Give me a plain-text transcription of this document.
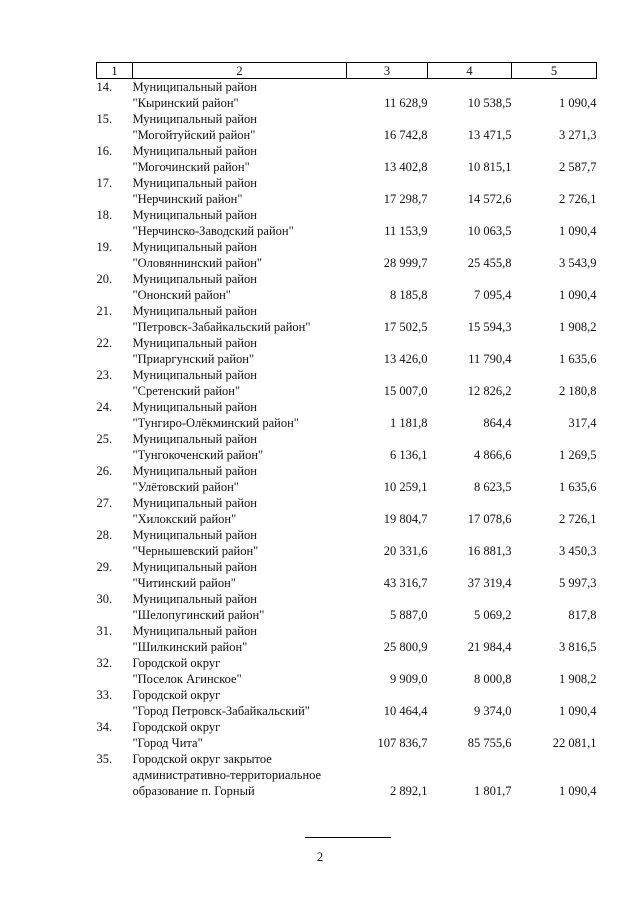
1	2	3	4	5
14.	Муниципальный район
"Кыринский район"	11 628,9	10 538,5	1 090,4
15.	Муниципальный район
"Могойтуйский район"	16 742,8	13 471,5	3 271,3
16.	Муниципальный район
"Могочинский район"	13 402,8	10 815,1	2 587,7
17.	Муниципальный район
"Нерчинский район"	17 298,7	14 572,6	2 726,1
18.	Муниципальный район
"Нерчинско-Заводский район"	11 153,9	10 063,5	1 090,4
19.	Муниципальный район
"Оловяннинский район"	28 999,7	25 455,8	3 543,9
20.	Муниципальный район
"Ононский район"	8 185,8	7 095,4	1 090,4
21.	Муниципальный район
"Петровск-Забайкальский район"	17 502,5	15 594,3	1 908,2
22.	Муниципальный район
"Приаргунский район"	13 426,0	11 790,4	1 635,6
23.	Муниципальный район
"Сретенский район"	15 007,0	12 826,2	2 180,8
24.	Муниципальный район
"Тунгиро-Олёкминский район"	1 181,8	864,4	317,4
25.	Муниципальный район
"Тунгокоченский район"	6 136,1	4 866,6	1 269,5
26.	Муниципальный район
"Улётовский район"	10 259,1	8 623,5	1 635,6
27.	Муниципальный район
"Хилокский район"	19 804,7	17 078,6	2 726,1
28.	Муниципальный район
"Чернышевский район"	20 331,6	16 881,3	3 450,3
29.	Муниципальный район
"Читинский район"	43 316,7	37 319,4	5 997,3
30.	Муниципальный район
"Шелопугинский район"	5 887,0	5 069,2	817,8
31.	Муниципальный район
"Шилкинский район"	25 800,9	21 984,4	3 816,5
32.	Городской округ
"Поселок Агинское"	9 909,0	8 000,8	1 908,2
33.	Городской округ
"Город Петровск-Забайкальский"	10 464,4	9 374,0	1 090,4
34.	Городской округ
"Город Чита"	107 836,7	85 755,6	22 081,1
35.	Городской округ закрытое
административно-территориальное
образование п. Горный	2 892,1	1 801,7	1 090,4
2
